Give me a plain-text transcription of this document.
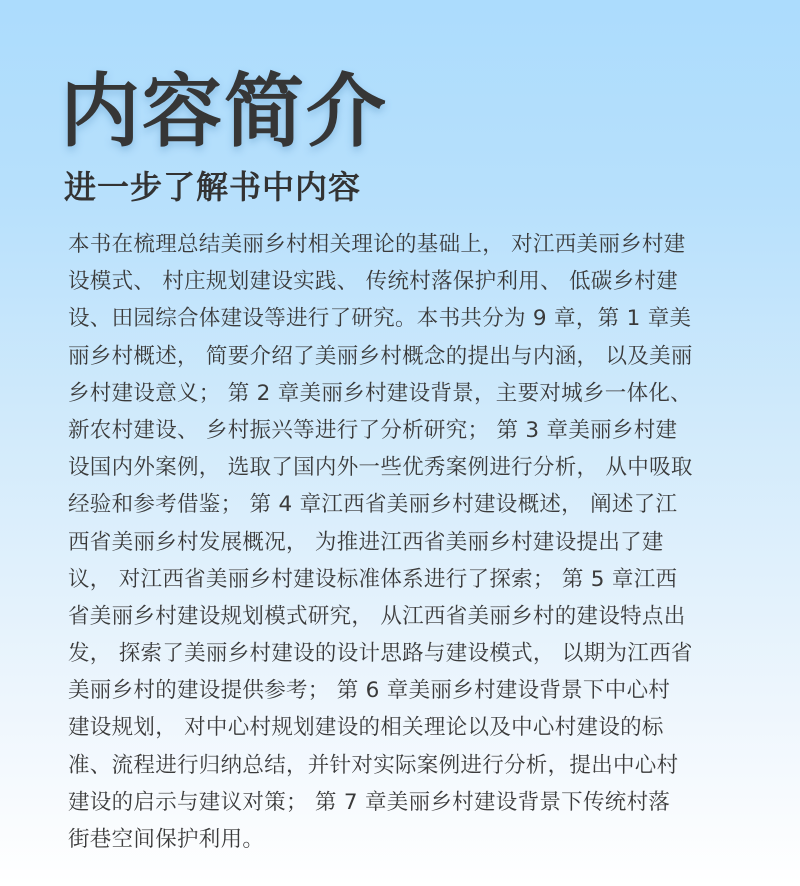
内容简介
进一步了解书中内容
本书在梳理总结美丽乡村相关理论的基础上， 对江西美丽乡村建
设模式、 村庄规划建设实践、 传统村落保护利用、 低碳乡村建
设、田园综合体建设等进行了研究。本书共分为 9 章，第 1 章美
丽乡村概述， 简要介绍了美丽乡村概念的提出与内涵， 以及美丽
乡村建设意义； 第 2 章美丽乡村建设背景，主要对城乡一体化、
新农村建设、 乡村振兴等进行了分析研究； 第 3 章美丽乡村建
设国内外案例， 选取了国内外一些优秀案例进行分析， 从中吸取
经验和参考借鉴； 第 4 章江西省美丽乡村建设概述， 阐述了江
西省美丽乡村发展概况， 为推进江西省美丽乡村建设提出了建
议， 对江西省美丽乡村建设标准体系进行了探索； 第 5 章江西
省美丽乡村建设规划模式研究， 从江西省美丽乡村的建设特点出
发， 探索了美丽乡村建设的设计思路与建设模式， 以期为江西省
美丽乡村的建设提供参考； 第 6 章美丽乡村建设背景下中心村
建设规划， 对中心村规划建设的相关理论以及中心村建设的标
准、流程进行归纳总结，并针对实际案例进行分析，提出中心村
建设的启示与建议对策； 第 7 章美丽乡村建设背景下传统村落
街巷空间保护利用。
